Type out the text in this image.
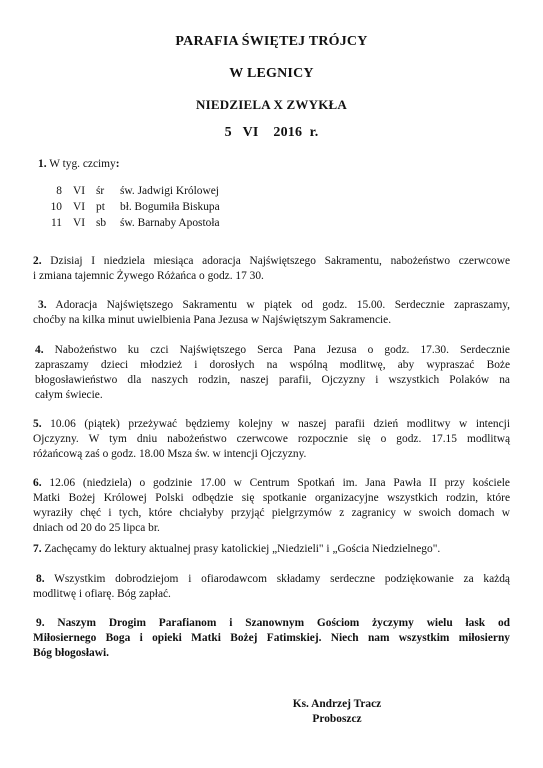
PARAFIA ŚWIĘTEJ TRÓJCY
W LEGNICY
NIEDZIELA X ZWYKŁA
5   VI    2016  r.
1. W tyg. czcimy:
8 VI śr św. Jadwigi Królowej
10 VI pt bł. Bogumiła Biskupa
11 VI sb św. Barnaby Apostoła
2. Dzisiaj I niedziela miesiąca adoracja Najświętszego Sakramentu, nabożeństwo czerwcowe
i zmiana tajemnic Żywego Różańca o godz. 17 30.
3. Adoracja Najświętszego Sakramentu w piątek od godz. 15.00. Serdecznie zapraszamy,
choćby na kilka minut uwielbienia Pana Jezusa w Najświętszym Sakramencie.
4. Nabożeństwo ku czci Najświętszego Serca Pana Jezusa o godz. 17.30. Serdecznie
zapraszamy dzieci młodzież i dorosłych na wspólną modlitwę, aby wypraszać Boże
błogosławieństwo dla naszych rodzin, naszej parafii, Ojczyzny i wszystkich Polaków na
całym świecie.
5. 10.06 (piątek) przeżywać będziemy kolejny w naszej parafii dzień modlitwy w intencji
Ojczyzny. W tym dniu nabożeństwo czerwcowe rozpocznie się o godz. 17.15 modlitwą
różańcową zaś o godz. 18.00 Msza św. w intencji Ojczyzny.
6. 12.06 (niedziela) o godzinie 17.00 w Centrum Spotkań im. Jana Pawła II przy kościele
Matki Bożej Królowej Polski odbędzie się spotkanie organizacyjne wszystkich rodzin, które
wyraziły chęć i tych, które chciałyby przyjąć pielgrzymów z zagranicy w swoich domach w
dniach od 20 do 25 lipca br.
7. Zachęcamy do lektury aktualnej prasy katolickiej „Niedzieli" i „Gościa Niedzielnego".
8. Wszystkim dobrodziejom i ofiarodawcom składamy serdeczne podziękowanie za każdą
modlitwę i ofiarę. Bóg zapłać.
9. Naszym Drogim Parafianom i Szanownym Gościom życzymy wielu łask od
Miłosiernego Boga i opieki Matki Bożej Fatimskiej. Niech nam wszystkim miłosierny
Bóg błogosławi.
Ks. Andrzej Tracz
Proboszcz
